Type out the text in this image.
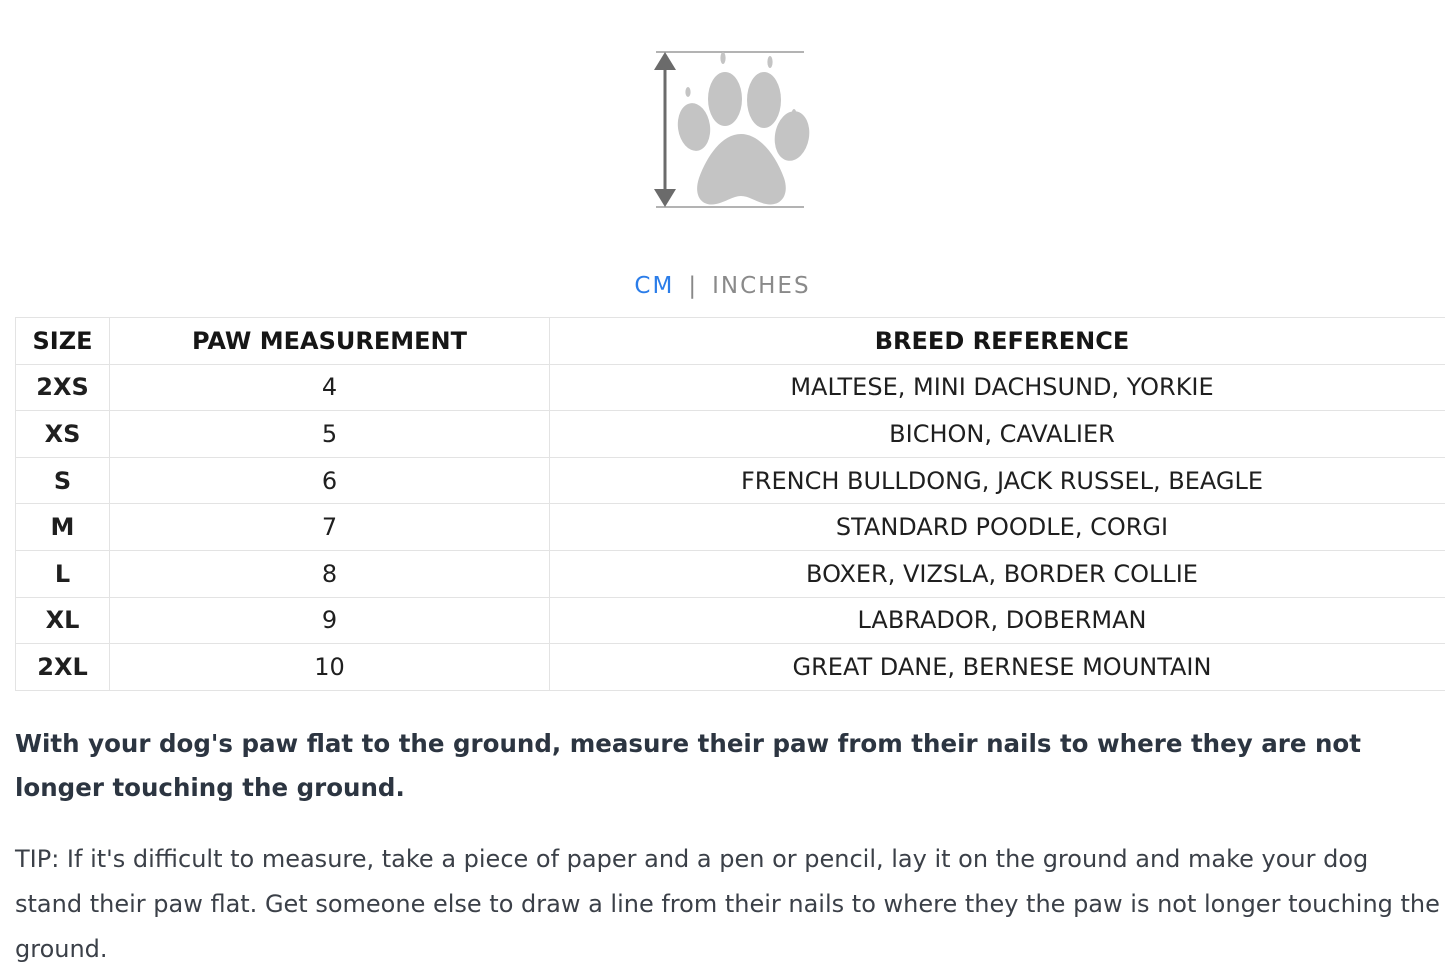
CM | INCHES
SIZE	PAW MEASUREMENT	BREED REFERENCE
2XS	4	MALTESE, MINI DACHSUND, YORKIE
XS	5	BICHON, CAVALIER
S	6	FRENCH BULLDONG, JACK RUSSEL, BEAGLE
M	7	STANDARD POODLE, CORGI
L	8	BOXER, VIZSLA, BORDER COLLIE
XL	9	LABRADOR, DOBERMAN
2XL	10	GREAT DANE, BERNESE MOUNTAIN

With your dog's paw flat to the ground, measure their paw from their nails to where they are not longer touching the ground.

TIP: If it's difficult to measure, take a piece of paper and a pen or pencil, lay it on the ground and make your dog stand their paw flat. Get someone else to draw a line from their nails to where they the paw is not longer touching the ground.
